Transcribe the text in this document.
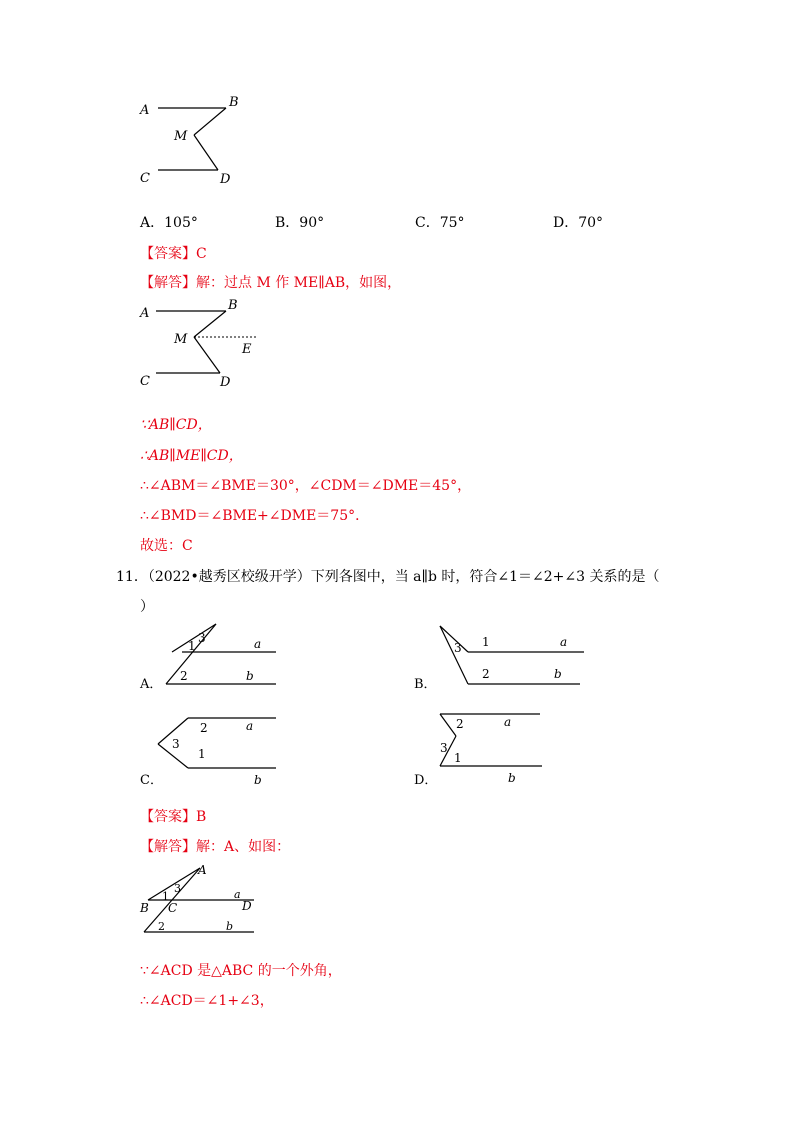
A
B
M
C	D
A．105°	B．90°	C．75°	D．70°
【答案】C
【解答】解：过点 M 作 ME∥AB，如图，
A
B
M
E
C	D
∵AB∥CD，
∴AB∥ME∥CD，
∴∠ABM＝∠BME＝30°，∠CDM＝∠DME＝45°，
∴∠BMD＝∠BME+∠DME＝75°．
故选：C
11．（2022•越秀区校级开学）下列各图中，当 a∥b 时，符合∠1＝∠2+∠3 关系的是（
）
A．
1
2
3	a
b
B．
1
2
3	a
b
C．
1
2
3
a
b	D．
1
2
3
a
b
【答案】B
【解答】解：A、如图：
A
B C	D
1
2
3	a
b
∵∠ACD 是△ABC 的一个外角，
∴∠ACD＝∠1+∠3，
